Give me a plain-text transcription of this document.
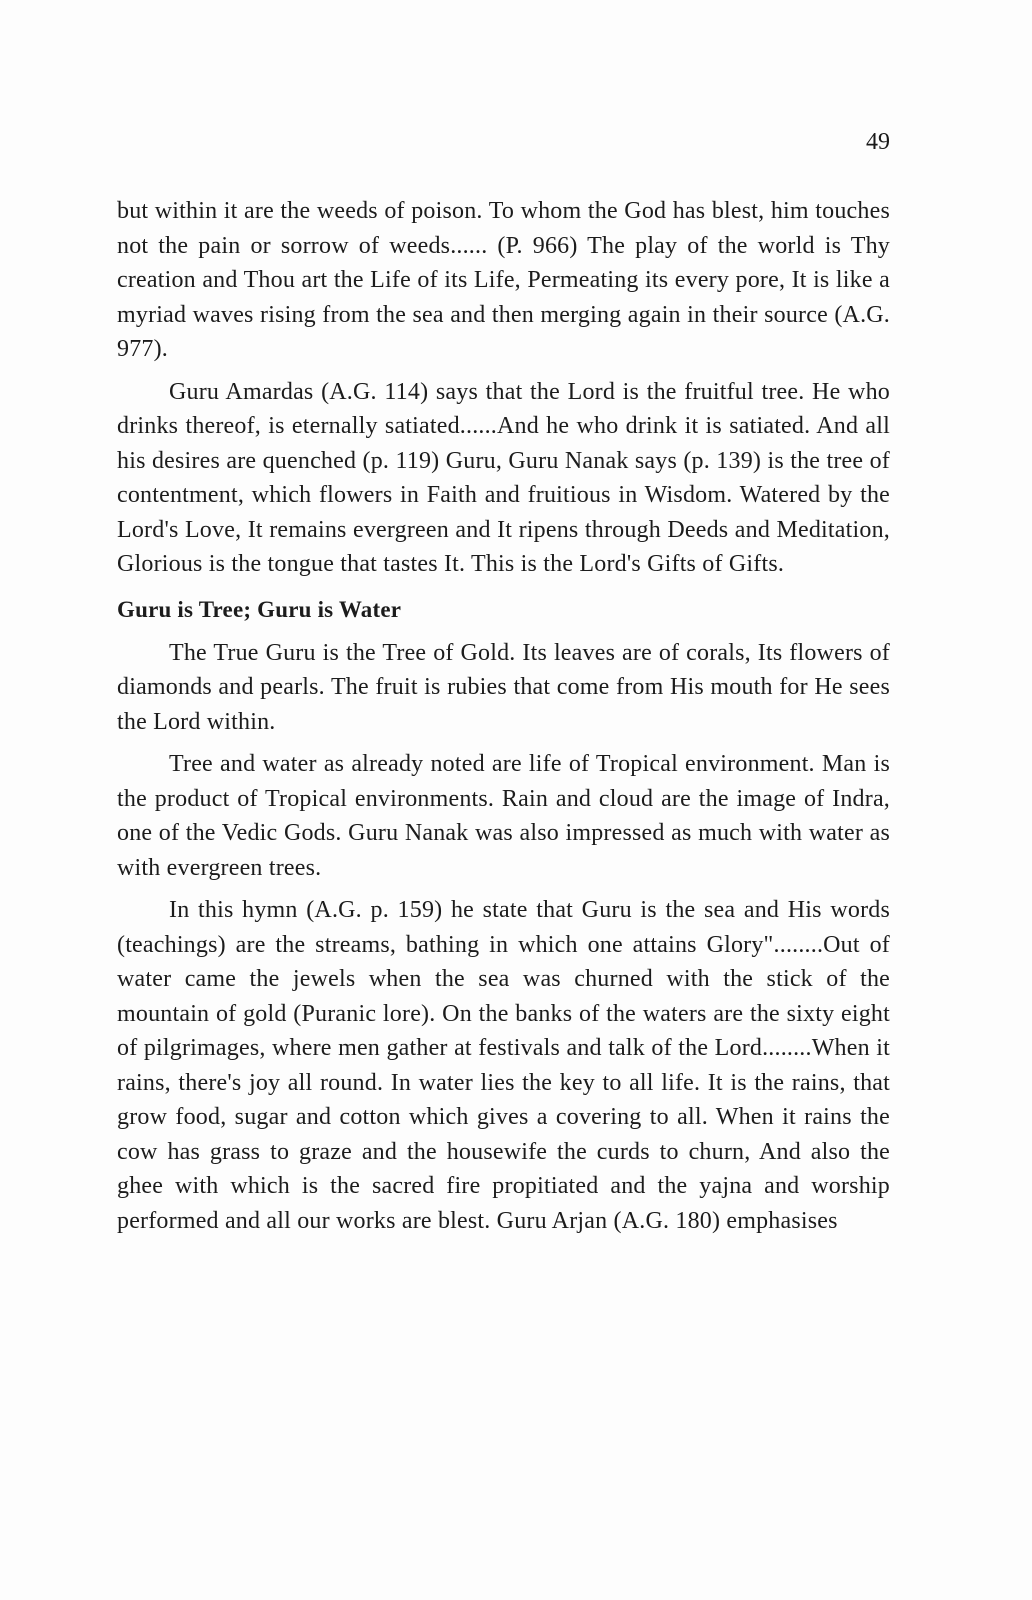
49

but within it are the weeds of poison. To whom the God has blest, him touches not the pain or sorrow of weeds...... (P. 966) The play of the world is Thy creation and Thou art the Life of its Life, Permeating its every pore, It is like a myriad waves rising from the sea and then merging again in their source (A.G. 977).

Guru Amardas (A.G. 114) says that the Lord is the fruitful tree. He who drinks thereof, is eternally satiated......And he who drink it is satiated. And all his desires are quenched (p. 119) Guru, Guru Nanak says (p. 139) is the tree of contentment, which flowers in Faith and fruitious in Wisdom. Watered by the Lord's Love, It remains evergreen and It ripens through Deeds and Meditation, Glorious is the tongue that tastes It. This is the Lord's Gifts of Gifts.

Guru is Tree; Guru is Water

The True Guru is the Tree of Gold. Its leaves are of corals, Its flowers of diamonds and pearls. The fruit is rubies that come from His mouth for He sees the Lord within.

Tree and water as already noted are life of Tropical environment. Man is the product of Tropical environments. Rain and cloud are the image of Indra, one of the Vedic Gods. Guru Nanak was also impressed as much with water as with evergreen trees.

In this hymn (A.G. p. 159) he state that Guru is the sea and His words (teachings) are the streams, bathing in which one attains Glory"........Out of water came the jewels when the sea was churned with the stick of the mountain of gold (Puranic lore). On the banks of the waters are the sixty eight of pilgrimages, where men gather at festivals and talk of the Lord........When it rains, there's joy all round. In water lies the key to all life. It is the rains, that grow food, sugar and cotton which gives a covering to all. When it rains the cow has grass to graze and the housewife the curds to churn, And also the ghee with which is the sacred fire propitiated and the yajna and worship performed and all our works are blest. Guru Arjan (A.G. 180) emphasises
